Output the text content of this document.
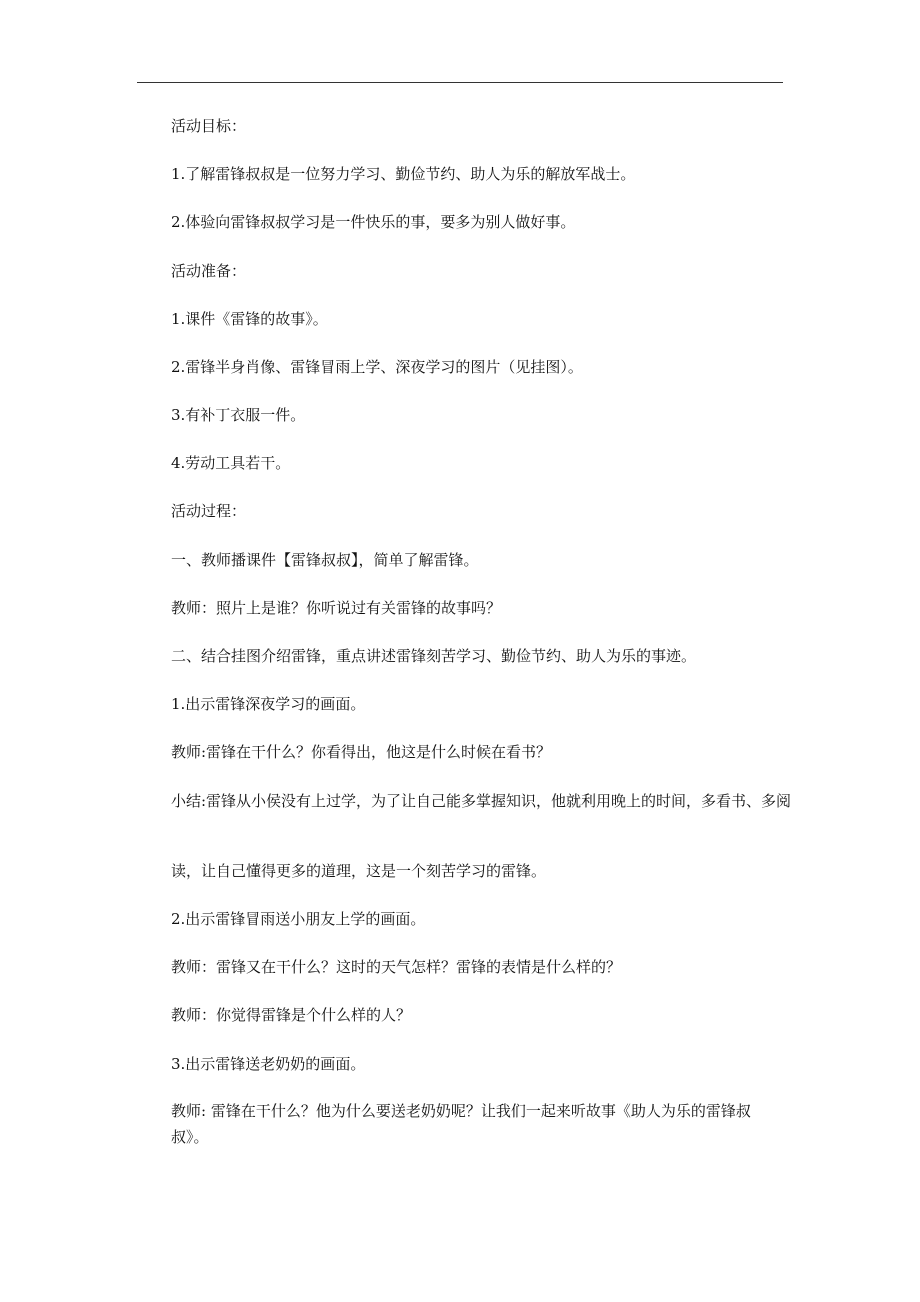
活动目标：
1.了解雷锋叔叔是一位努力学习、勤俭节约、助人为乐的解放军战士。
2.体验向雷锋叔叔学习是一件快乐的事，要多为别人做好事。
活动准备：
1.课件《雷锋的故事》。
2.雷锋半身肖像、雷锋冒雨上学、深夜学习的图片（见挂图）。
3.有补丁衣服一件。
4.劳动工具若干。
活动过程：
一、教师播课件【雷锋叔叔】，简单了解雷锋。
教师：照片上是谁？你听说过有关雷锋的故事吗？
二、结合挂图介绍雷锋，重点讲述雷锋刻苦学习、勤俭节约、助人为乐的事迹。
1.出示雷锋深夜学习的画面。
教师:雷锋在干什么？你看得出，他这是什么时候在看书？
小结:雷锋从小侯没有上过学，为了让自己能多掌握知识，他就利用晚上的时间，多看书、多阅
读，让自己懂得更多的道理，这是一个刻苦学习的雷锋。
2.出示雷锋冒雨送小朋友上学的画面。
教师：雷锋又在干什么？这时的天气怎样？雷锋的表情是什么样的？
教师：你觉得雷锋是个什么样的人？
3.出示雷锋送老奶奶的画面。
教师: 雷锋在干什么？他为什么要送老奶奶呢？让我们一起来听故事《助人为乐的雷锋叔叔》。
